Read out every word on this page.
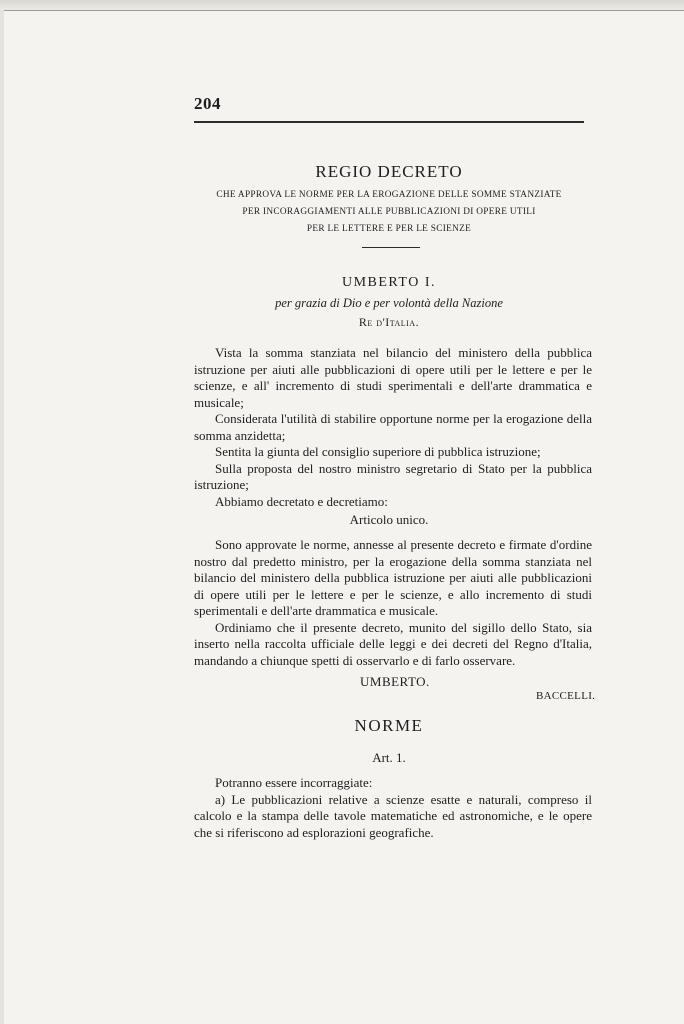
204
REGIO DECRETO
CHE APPROVA LE NORME PER LA EROGAZIONE DELLE SOMME STANZIATE
PER INCORAGGIAMENTI ALLE PUBBLICAZIONI DI OPERE UTILI
PER LE LETTERE E PER LE SCIENZE
UMBERTO I.
per grazia di Dio e per volontà della Nazione
Re d'Italia.

Vista la somma stanziata nel bilancio del ministero della pubblica istruzione per aiuti alle pubblicazioni di opere utili per le lettere e per le scienze, e all' incremento di studi sperimentali e dell'arte drammatica e musicale;

Considerata l'utilità di stabilire opportune norme per la erogazione della somma anzidetta;

Sentita la giunta del consiglio superiore di pubblica istruzione;

Sulla proposta del nostro ministro segretario di Stato per la pubblica istruzione;

Abbiamo decretato e decretiamo:

Articolo unico.

Sono approvate le norme, annesse al presente decreto e firmate d'ordine nostro dal predetto ministro, per la erogazione della somma stanziata nel bilancio del ministero della pubblica istruzione per aiuti alle pubblicazioni di opere utili per le lettere e per le scienze, e allo incremento di studi sperimentali e dell'arte drammatica e musicale.

Ordiniamo che il presente decreto, munito del sigillo dello Stato, sia inserto nella raccolta ufficiale delle leggi e dei decreti del Regno d'Italia, mandando a chiunque spetti di osservarlo e di farlo osservare.

UMBERTO.
BACCELLI.
NORME
Art. 1.

Potranno essere incorraggiate:

a) Le pubblicazioni relative a scienze esatte e naturali, compreso il calcolo e la stampa delle tavole matematiche ed astronomiche, e le opere che si riferiscono ad esplorazioni geografiche.
